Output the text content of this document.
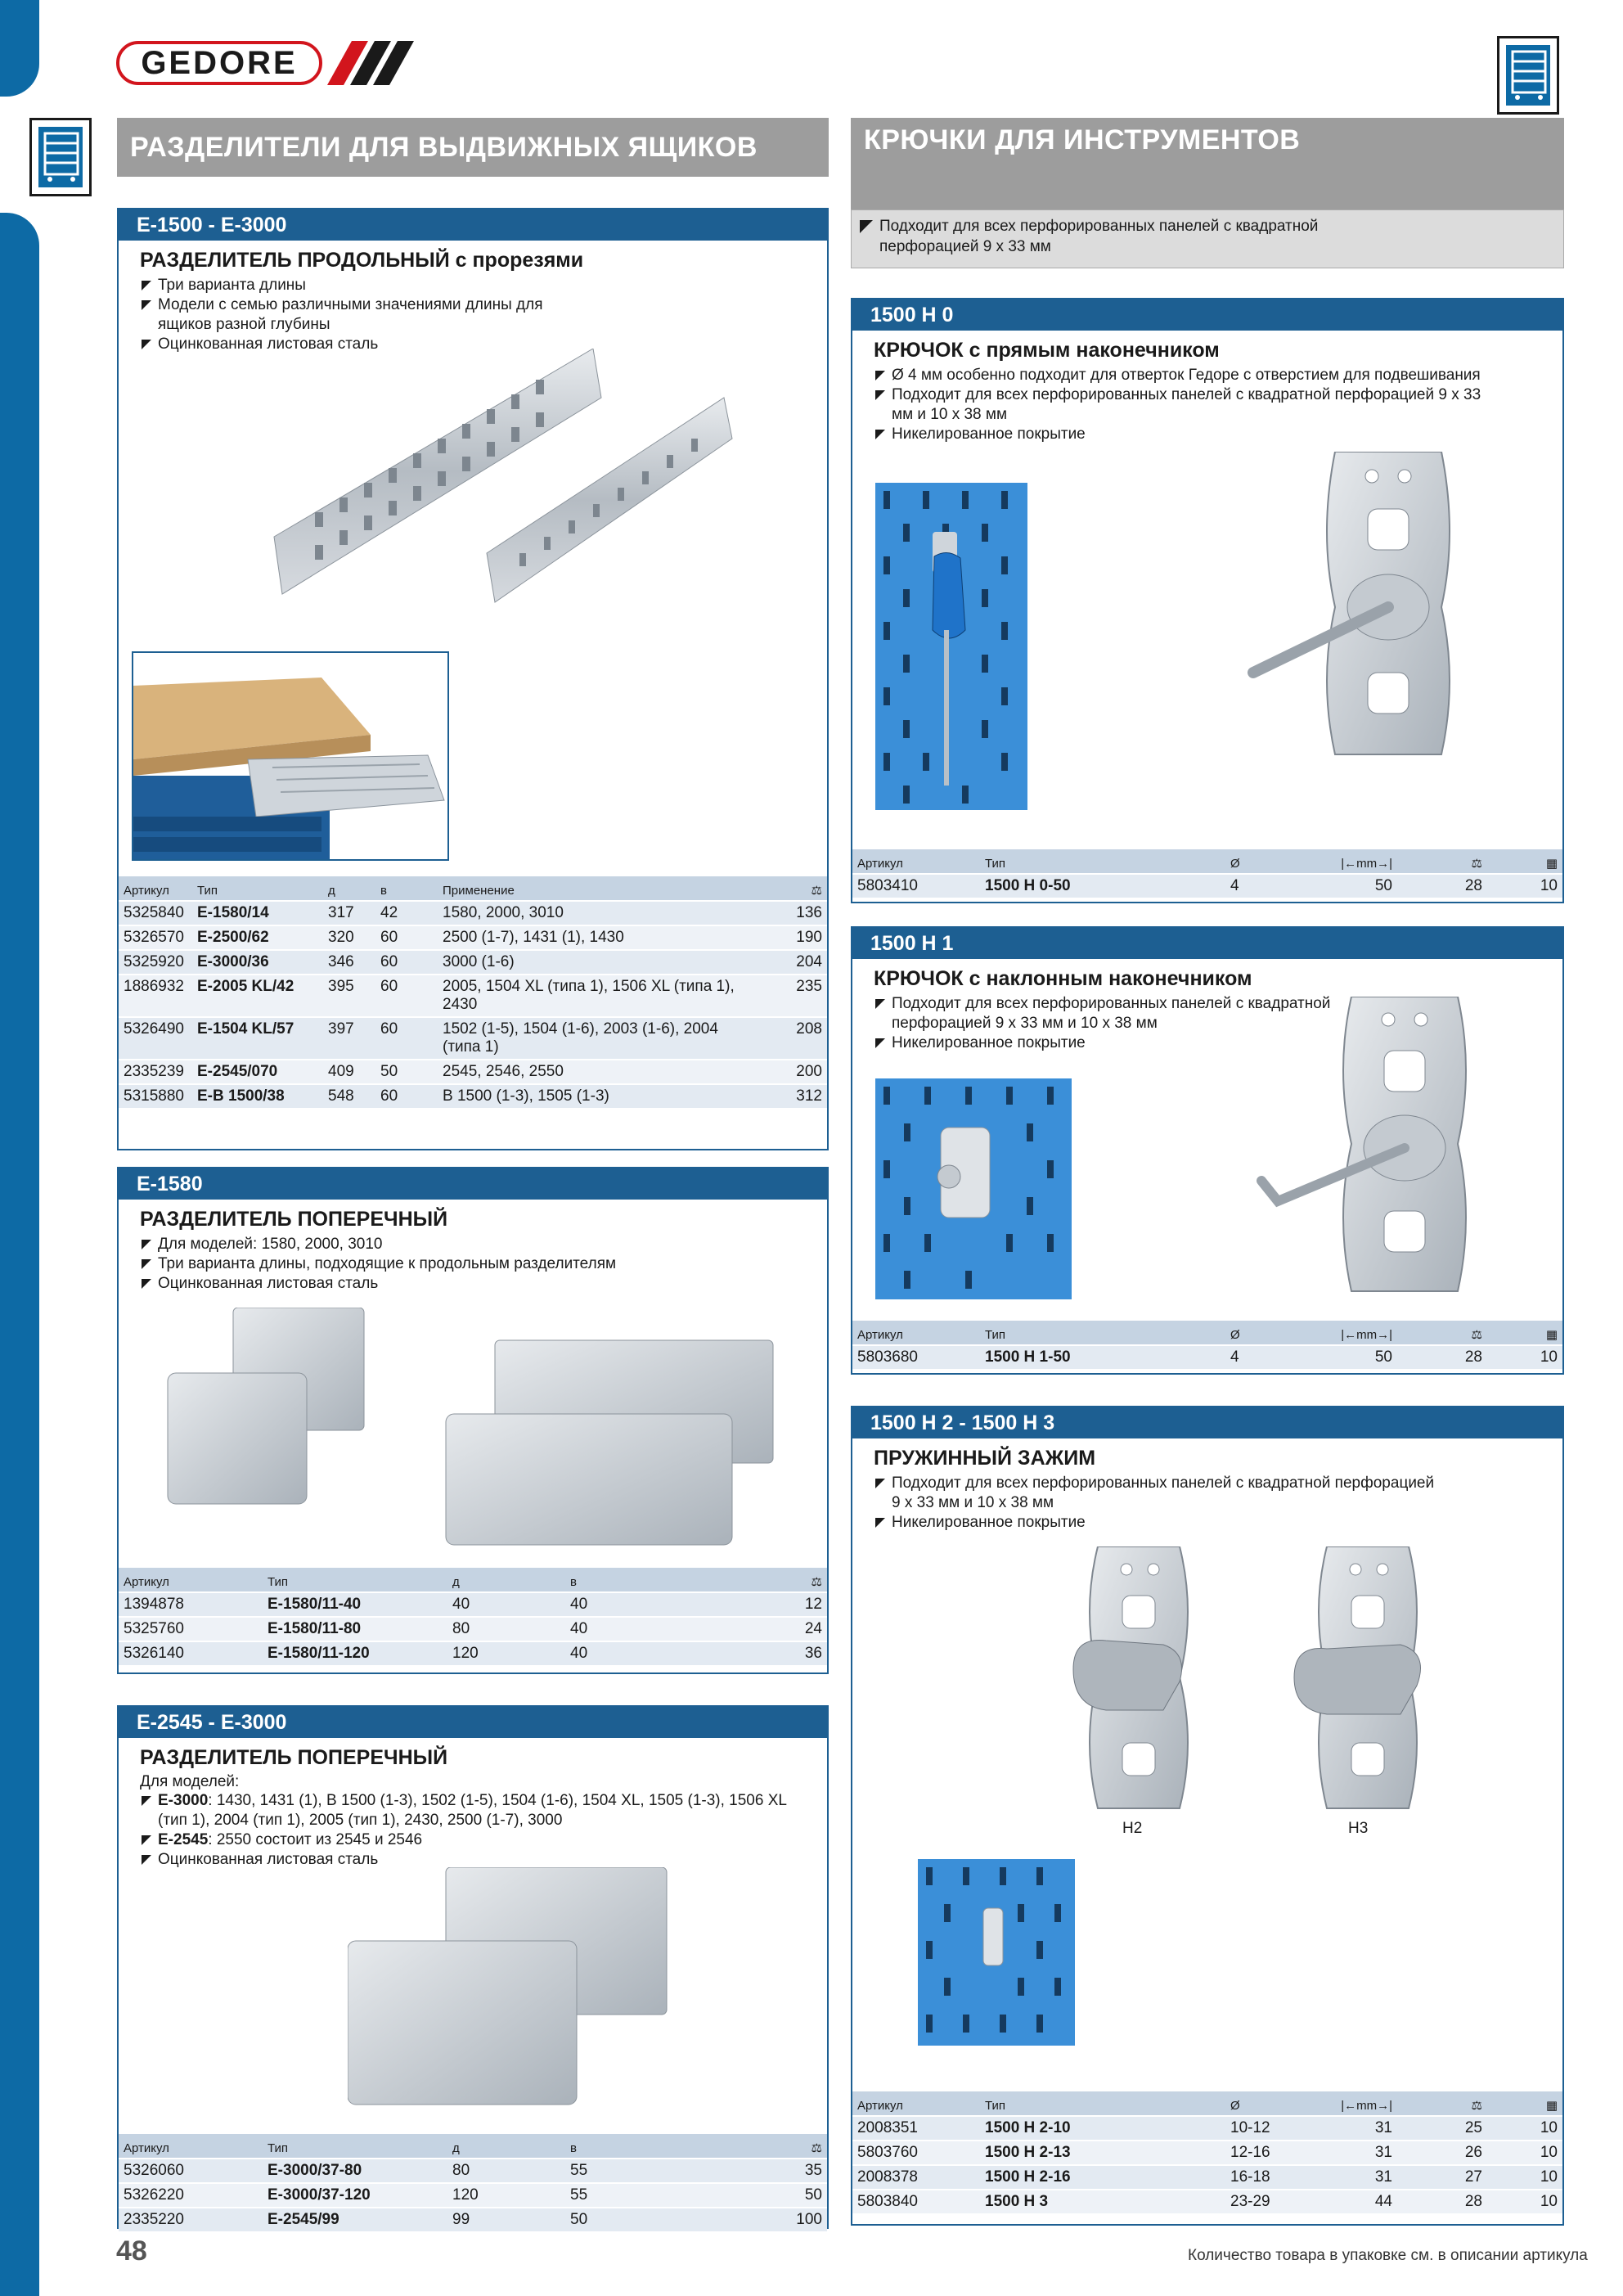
GEDORE
РАЗДЕЛИТЕЛИ ДЛЯ ВЫДВИЖНЫХ ЯЩИКОВ	КРЮЧКИ ДЛЯ ИНСТРУМЕНТОВ
Подходит для всех перфорированных панелей с квадратной
перфорацией 9 x 33 мм
E-1500 - E-3000
РАЗДЕЛИТЕЛЬ ПРОДОЛЬНЫЙ с прорезями
Три варианта длины
Модели с семью различными значениями длины для
ящиков разной глубины
Оцинкованная листовая сталь
Артикул	Тип	д	в	Применение	⚖
5325840	E-1580/14	317	42	1580, 2000, 3010	136
5326570	E-2500/62	320	60	2500 (1-7), 1431 (1), 1430	190
5325920	E-3000/36	346	60	3000 (1-6)	204
1886932	E-2005 KL/42	395	60	2005, 1504 XL (типа 1), 1506 XL (типа 1), 2430	235
5326490	E-1504 KL/57	397	60	1502 (1-5), 1504 (1-6), 2003 (1-6), 2004 (типа 1)	208
2335239	E-2545/070	409	50	2545, 2546, 2550	200
5315880	E-B 1500/38	548	60	B 1500 (1-3), 1505 (1-3)	312
E-1580
РАЗДЕЛИТЕЛЬ ПОПЕРЕЧНЫЙ
Для моделей: 1580, 2000, 3010
Три варианта длины, подходящие к продольным разделителям
Оцинкованная листовая сталь
Артикул	Тип	д	в	⚖
1394878	E-1580/11-40	40	40	12
5325760	E-1580/11-80	80	40	24
5326140	E-1580/11-120	120	40	36
E-2545 - E-3000
РАЗДЕЛИТЕЛЬ ПОПЕРЕЧНЫЙ
Для моделей:
E-3000: 1430, 1431 (1), B 1500 (1-3), 1502 (1-5), 1504 (1-6), 1504 XL, 1505 (1-3), 1506 XL
(тип 1), 2004 (тип 1), 2005 (тип 1), 2430, 2500 (1-7), 3000
E-2545: 2550 состоит из 2545 и 2546
Оцинкованная листовая сталь
Артикул	Тип	д	в	⚖
5326060	E-3000/37-80	80	55	35
5326220	E-3000/37-120	120	55	50
2335220	E-2545/99	99	50	100
1500 H 0
КРЮЧОК с прямым наконечником
Ø 4 мм особенно подходит для отверток Гедоре с отверстием для подвешивания
Подходит для всех перфорированных панелей с квадратной перфорацией 9 x 33
мм и 10 x 38 мм
Никелированное покрытие
Артикул	Тип	Ø	|←mm→|	⚖	▦
5803410	1500 H 0-50	4	50	28	10
1500 H 1
КРЮЧОК с наклонным наконечником
Подходит для всех перфорированных панелей с квадратной
перфорацией 9 x 33 мм и 10 x 38 мм
Никелированное покрытие
Артикул	Тип	Ø	|←mm→|	⚖	▦
5803680	1500 H 1-50	4	50	28	10
1500 H 2 - 1500 H 3
ПРУЖИННЫЙ ЗАЖИМ
Подходит для всех перфорированных панелей с квадратной перфорацией
9 x 33 мм и 10 x 38 мм
Никелированное покрытие
H2	H3
Артикул	Тип	Ø	|←mm→|	⚖	▦
2008351	1500 H 2-10	10-12	31	25	10
5803760	1500 H 2-13	12-16	31	26	10
2008378	1500 H 2-16	16-18	31	27	10
5803840	1500 H 3	23-29	44	28	10
48	Количество товара в упаковке см. в описании артикула
